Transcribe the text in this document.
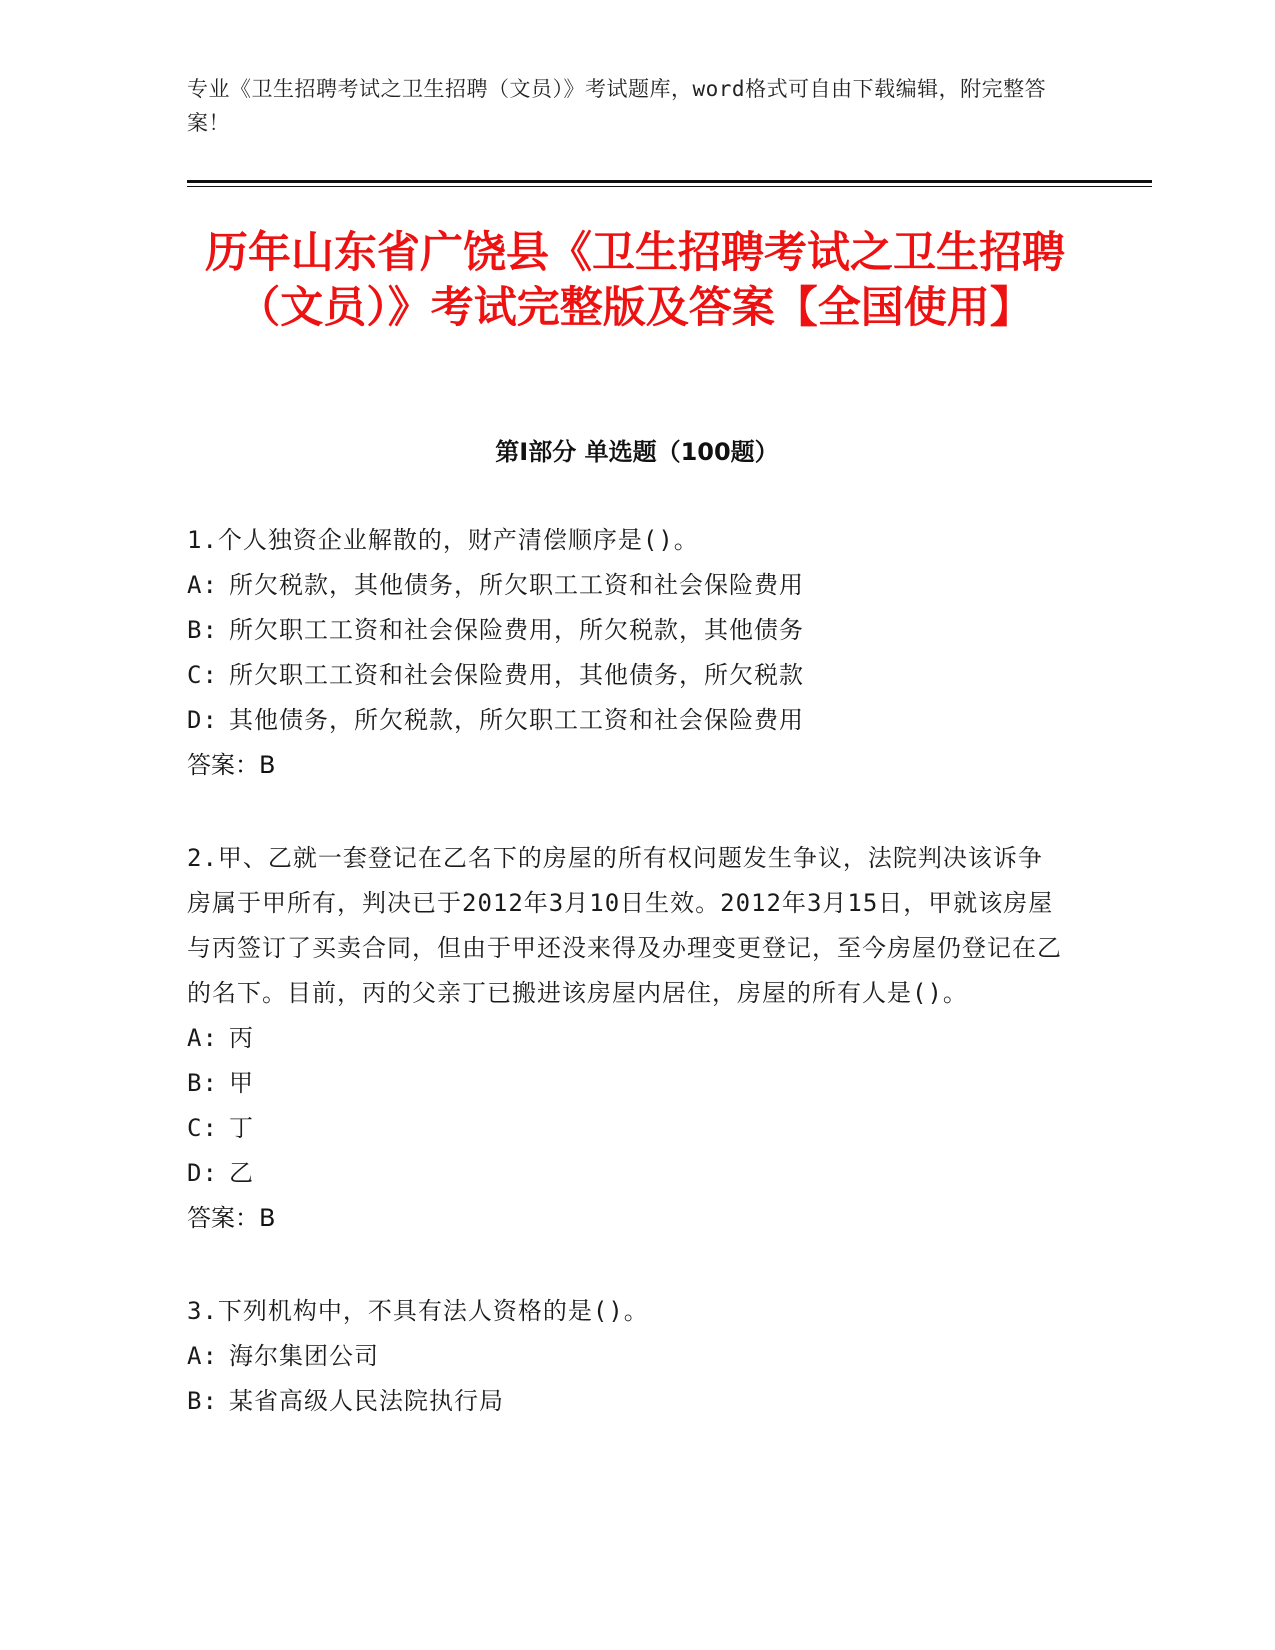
专业《卫生招聘考试之卫生招聘（文员）》考试题库，word格式可自由下载编辑，附完整答案！
历年山东省广饶县《卫生招聘考试之卫生招聘（文员）》考试完整版及答案【全国使用】
第Ⅰ部分 单选题（100题）

1.个人独资企业解散的，财产清偿顺序是()。

A: 所欠税款，其他债务，所欠职工工资和社会保险费用

B: 所欠职工工资和社会保险费用，所欠税款，其他债务

C: 所欠职工工资和社会保险费用，其他债务，所欠税款

D: 其他债务，所欠税款，所欠职工工资和社会保险费用

答案：B

2.甲、乙就一套登记在乙名下的房屋的所有权问题发生争议，法院判决该诉争房属于甲所有，判决已于2012年3月10日生效。2012年3月15日，甲就该房屋与丙签订了买卖合同，但由于甲还没来得及办理变更登记，至今房屋仍登记在乙的名下。目前，丙的父亲丁已搬进该房屋内居住，房屋的所有人是()。

A: 丙

B: 甲

C: 丁

D: 乙

答案：B

3.下列机构中，不具有法人资格的是()。

A: 海尔集团公司

B: 某省高级人民法院执行局
